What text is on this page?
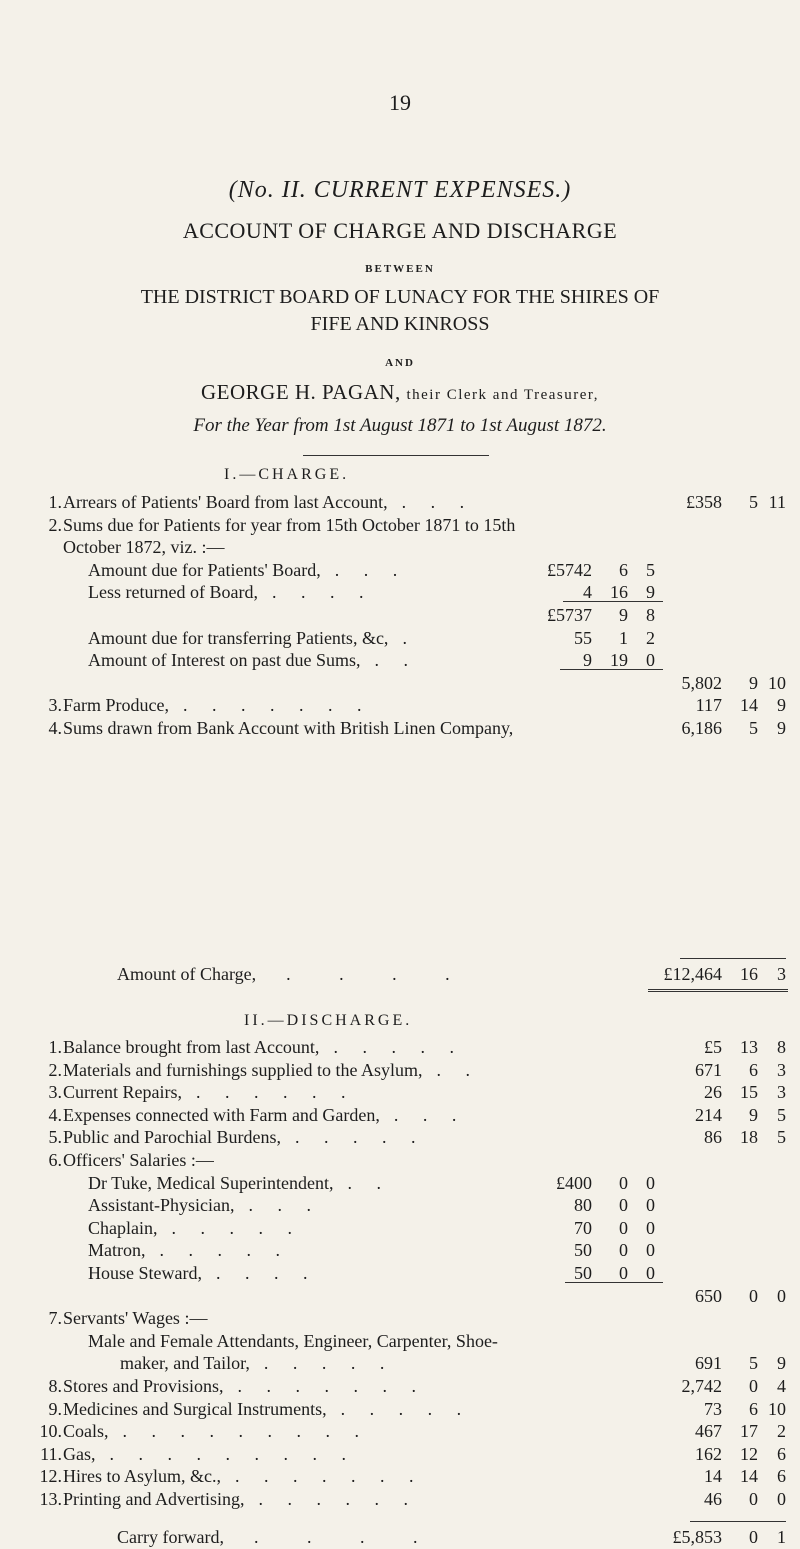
19
(No. II. CURRENT EXPENSES.)
ACCOUNT OF CHARGE AND DISCHARGE
BETWEEN
THE DISTRICT BOARD OF LUNACY FOR THE SHIRES OF
FIFE AND KINROSS
AND
GEORGE H. PAGAN, their Clerk and Treasurer,
For the Year from 1st August 1871 to 1st August 1872.
I.—CHARGE.
1. Arrears of Patients' Board from last Account, . . .	£358 5 11
2. Sums due for Patients for year from 15th October 1871 to 15th
October 1872, viz. :—
Amount due for Patients' Board, . . .	£5742 6 5
Less returned of Board, . . . .	4 16 9
£5737 9 8
Amount due for transferring Patients, &c, .	55 1 2
Amount of Interest on past due Sums, . .	9 19 0
5,802 9 10
3. Farm Produce, . . . . . . .	117 14 9
4. Sums drawn from Bank Account with British Linen Company,	6,186 5 9
Amount of Charge, . . . .	£12,464 16 3
II.—DISCHARGE.
1. Balance brought from last Account, . . . . .	£5 13 8
2. Materials and furnishings supplied to the Asylum, . .	671 6 3
3. Current Repairs, . . . . . .	26 15 3
4. Expenses connected with Farm and Garden, . . .	214 9 5
5. Public and Parochial Burdens, . . . . .	86 18 5
6. Officers' Salaries :—
Dr Tuke, Medical Superintendent, . .	£400 0 0
Assistant-Physician, . . .	80 0 0
Chaplain, . . . . .	70 0 0
Matron, . . . . .	50 0 0
House Steward, . . . .	50 0 0
650 0 0
7. Servants' Wages :—
Male and Female Attendants, Engineer, Carpenter, Shoe-
maker, and Tailor, . . . . .	691 5 9
8. Stores and Provisions, . . . . . . .	2,742 0 4
9. Medicines and Surgical Instruments, . . . . .	73 6 10
10. Coals, . . . . . . . . .	467 17 2
11. Gas, . . . . . . . . .	162 12 6
12. Hires to Asylum, &c., . . . . . . .	14 14 6
13. Printing and Advertising, . . . . . .	46 0 0
Carry forward, . . . .	£5,853 0 1
